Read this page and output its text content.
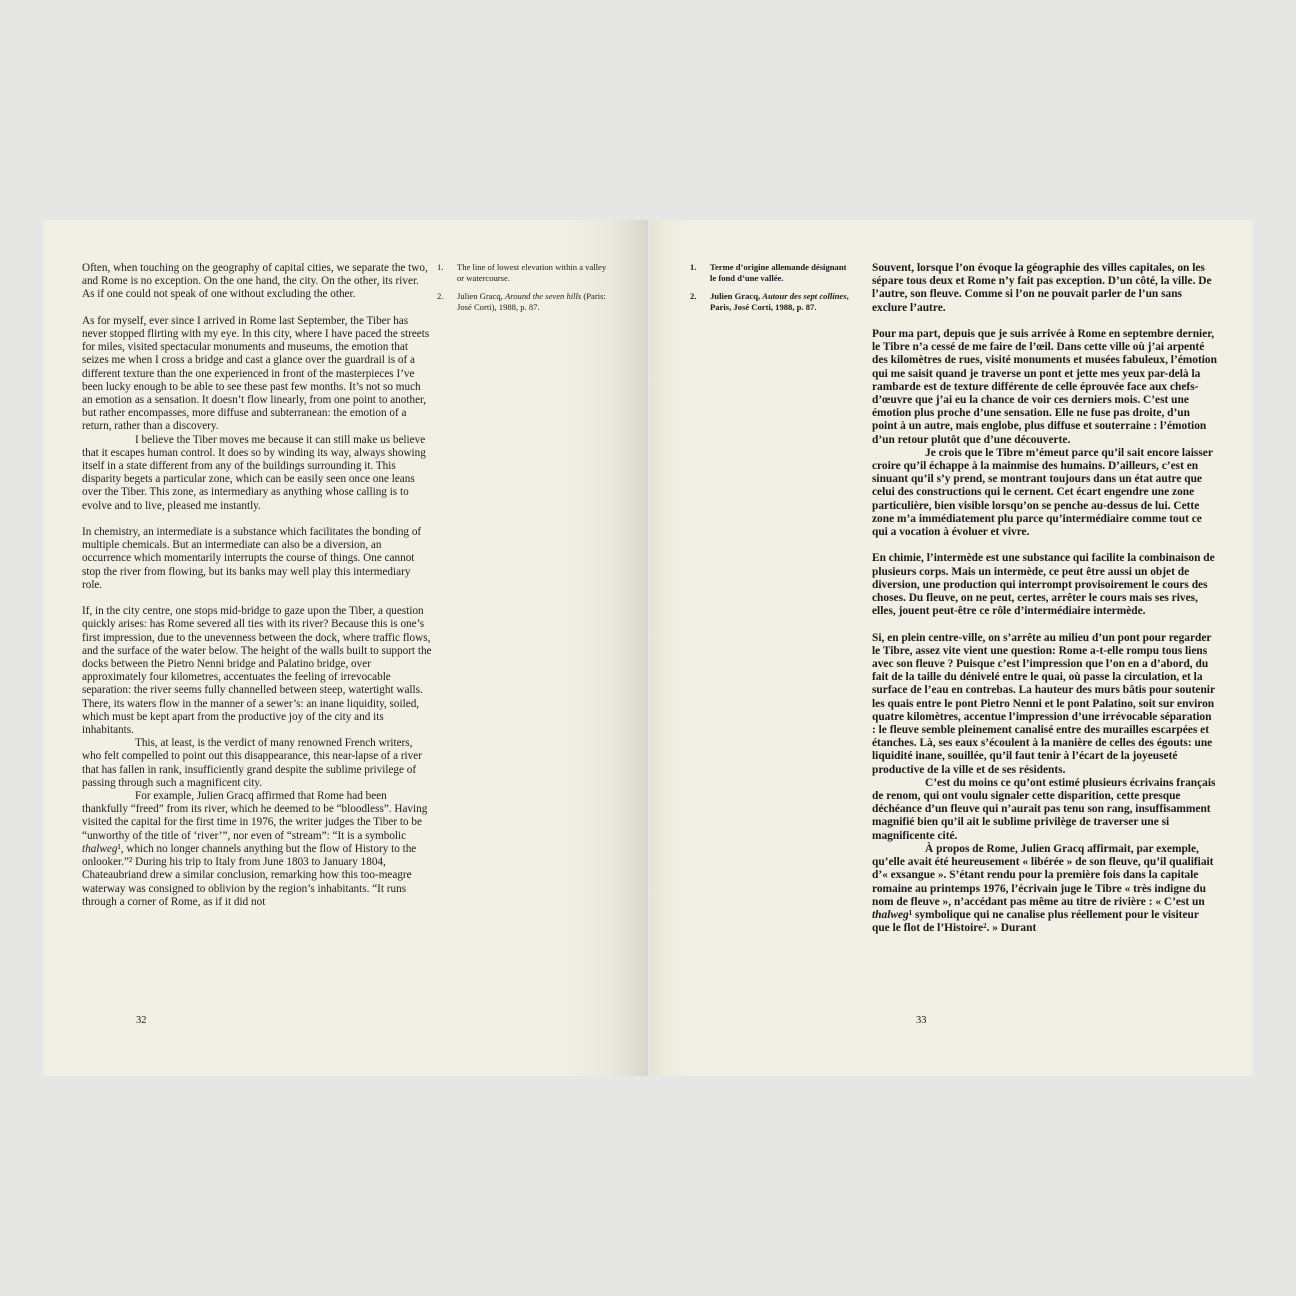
Often, when touching on the geography of capital cities, we separate the two, and Rome is no exception. On the one hand, the city. On the other, its river. As if one could not speak of one without excluding the other.

As for myself, ever since I arrived in Rome last September, the Tiber has never stopped flirting with my eye. In this city, where I have paced the streets for miles, visited spectacular monuments and museums, the emotion that seizes me when I cross a bridge and cast a glance over the guardrail is of a different texture than the one experienced in front of the masterpieces I’ve been lucky enough to be able to see these past few months. It’s not so much an emotion as a sensation. It doesn’t flow linearly, from one point to another, but rather encompasses, more diffuse and subterranean: the emotion of a return, rather than a discovery.

I believe the Tiber moves me because it can still make us believe that it escapes human control. It does so by winding its way, always showing itself in a state different from any of the buildings surrounding it. This disparity begets a particular zone, which can be easily seen once one leans over the Tiber. This zone, as intermediary as anything whose calling is to evolve and to live, pleased me instantly.

In chemistry, an intermediate is a substance which facilitates the bonding of multiple chemicals. But an intermediate can also be a diversion, an occurrence which momentarily interrupts the course of things. One cannot stop the river from flowing, but its banks may well play this intermediary role.

If, in the city centre, one stops mid-bridge to gaze upon the Tiber, a question quickly arises: has Rome severed all ties with its river? Because this is one’s first impression, due to the unevenness between the dock, where traffic flows, and the surface of the water below. The height of the walls built to support the docks between the Pietro Nenni bridge and Palatino bridge, over approximately four kilometres, accentuates the feeling of irrevocable separation: the river seems fully channelled between steep, watertight walls. There, its waters flow in the manner of a sewer’s: an inane liquidity, soiled, which must be kept apart from the productive joy of the city and its inhabitants.

This, at least, is the verdict of many renowned French writers, who felt compelled to point out this disappearance, this near-lapse of a river that has fallen in rank, insufficiently grand despite the sublime privilege of passing through such a magnificent city.

For example, Julien Gracq affirmed that Rome had been thankfully “freed” from its river, which he deemed to be “bloodless”. Having visited the capital for the first time in 1976, the writer judges the Tiber to be “unworthy of the title of ‘river’”, nor even of “stream”: “It is a symbolic thalweg¹, which no longer channels anything but the flow of History to the onlooker.”² During his trip to Italy from June 1803 to January 1804, Chateaubriand drew a similar conclusion, remarking how this too-meagre waterway was consigned to oblivion by the region’s inhabitants. “It runs through a corner of Rome, as if it did not

1.	The line of lowest elevation within a valley or watercourse.
2.	Julien Gracq, Around the seven hills (Paris: José Corti), 1988, p. 87.
32
1.	Terme d’origine allemande désignant le fond d’une vallée.
2.	Julien Gracq, Autour des sept collines, Paris, José Corti, 1988, p. 87.

Souvent, lorsque l’on évoque la géographie des villes capitales, on les sépare tous deux et Rome n’y fait pas exception. D’un côté, la ville. De l’autre, son fleuve. Comme si l’on ne pouvait parler de l’un sans exclure l’autre.

Pour ma part, depuis que je suis arrivée à Rome en septembre dernier, le Tibre n’a cessé de me faire de l’œil. Dans cette ville où j’ai arpenté des kilomètres de rues, visité monuments et musées fabuleux, l’émotion qui me saisit quand je traverse un pont et jette mes yeux par-delà la rambarde est de texture différente de celle éprouvée face aux chefs-d’œuvre que j’ai eu la chance de voir ces derniers mois. C’est une émotion plus proche d’une sensation. Elle ne fuse pas droite, d’un point à un autre, mais englobe, plus diffuse et souterraine : l’émotion d’un retour plutôt que d’une découverte.

Je crois que le Tibre m’émeut parce qu’il sait encore laisser croire qu’il échappe à la mainmise des humains. D’ailleurs, c’est en sinuant qu’il s’y prend, se montrant toujours dans un état autre que celui des constructions qui le cernent. Cet écart engendre une zone particulière, bien visible lorsqu’on se penche au-dessus de lui. Cette zone m’a immédiatement plu parce qu’intermédiaire comme tout ce qui a vocation à évoluer et vivre.

En chimie, l’intermède est une substance qui facilite la combinaison de plusieurs corps. Mais un intermède, ce peut être aussi un objet de diversion, une production qui interrompt provisoirement le cours des choses. Du fleuve, on ne peut, certes, arrêter le cours mais ses rives, elles, jouent peut-être ce rôle d’intermédiaire intermède.

Si, en plein centre-ville, on s’arrête au milieu d’un pont pour regarder le Tibre, assez vite vient une question: Rome a-t-elle rompu tous liens avec son fleuve ? Puisque c’est l’impression que l’on en a d’abord, du fait de la taille du dénivelé entre le quai, où passe la circulation, et la surface de l’eau en contrebas. La hauteur des murs bâtis pour soutenir les quais entre le pont Pietro Nenni et le pont Palatino, soit sur environ quatre kilomètres, accentue l’impression d’une irrévocable séparation : le fleuve semble pleinement canalisé entre des murailles escarpées et étanches. Là, ses eaux s’écoulent à la manière de celles des égouts: une liquidité inane, souillée, qu’il faut tenir à l’écart de la joyeuseté productive de la ville et de ses résidents.

C’est du moins ce qu’ont estimé plusieurs écrivains français de renom, qui ont voulu signaler cette disparition, cette presque déchéance d’un fleuve qui n’aurait pas tenu son rang, insuffisamment magnifié bien qu’il ait le sublime privilège de traverser une si magnificente cité.

À propos de Rome, Julien Gracq affirmait, par exemple, qu’elle avait été heureusement « libérée » de son fleuve, qu’il qualifiait d’« exsangue ». S’étant rendu pour la première fois dans la capitale romaine au printemps 1976, l’écrivain juge le Tibre « très indigne du nom de fleuve », n’accédant pas même au titre de rivière : « C’est un thalweg¹ symbolique qui ne canalise plus réellement pour le visiteur que le flot de l’Histoire². » Durant

33
